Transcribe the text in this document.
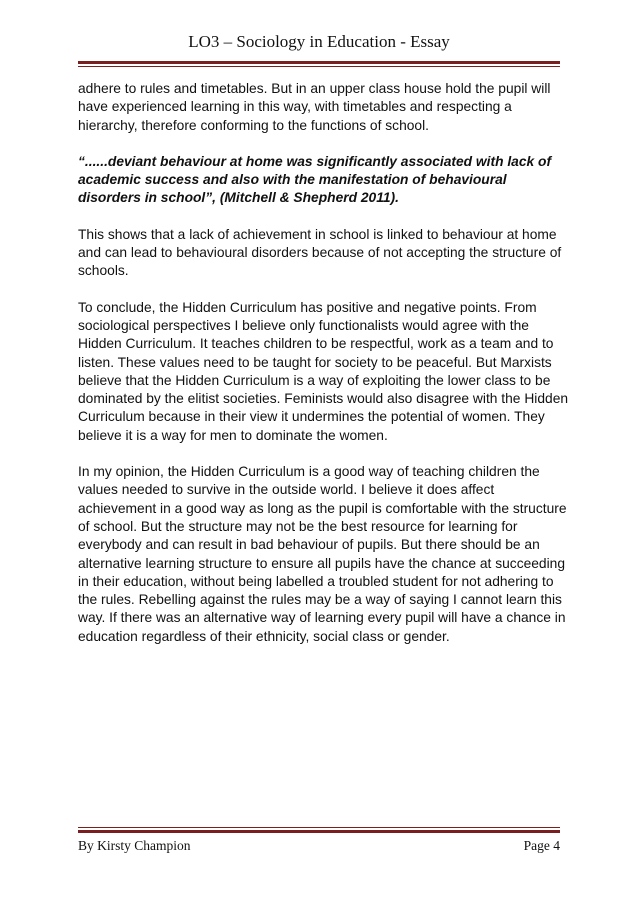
LO3 – Sociology in Education - Essay

adhere to rules and timetables. But in an upper class house hold the pupil will have experienced learning in this way, with timetables and respecting a hierarchy, therefore conforming to the functions of school.

“......deviant behaviour at home was significantly associated with lack of academic success and also with the manifestation of behavioural disorders in school”, (Mitchell & Shepherd 2011).

This shows that a lack of achievement in school is linked to behaviour at home and can lead to behavioural disorders because of not accepting the structure of schools.

To conclude, the Hidden Curriculum has positive and negative points. From sociological perspectives I believe only functionalists would agree with the Hidden Curriculum. It teaches children to be respectful, work as a team and to listen. These values need to be taught for society to be peaceful. But Marxists believe that the Hidden Curriculum is a way of exploiting the lower class to be dominated by the elitist societies. Feminists would also disagree with the Hidden Curriculum because in their view it undermines the potential of women. They believe it is a way for men to dominate the women.

In my opinion, the Hidden Curriculum is a good way of teaching children the values needed to survive in the outside world. I believe it does affect achievement in a good way as long as the pupil is comfortable with the structure of school. But the structure may not be the best resource for learning for everybody and can result in bad behaviour of pupils. But there should be an alternative learning structure to ensure all pupils have the chance at succeeding in their education, without being labelled a troubled student for not adhering to the rules. Rebelling against the rules may be a way of saying I cannot learn this way. If there was an alternative way of learning every pupil will have a chance in education regardless of their ethnicity, social class or gender.

By Kirsty Champion	Page 4
